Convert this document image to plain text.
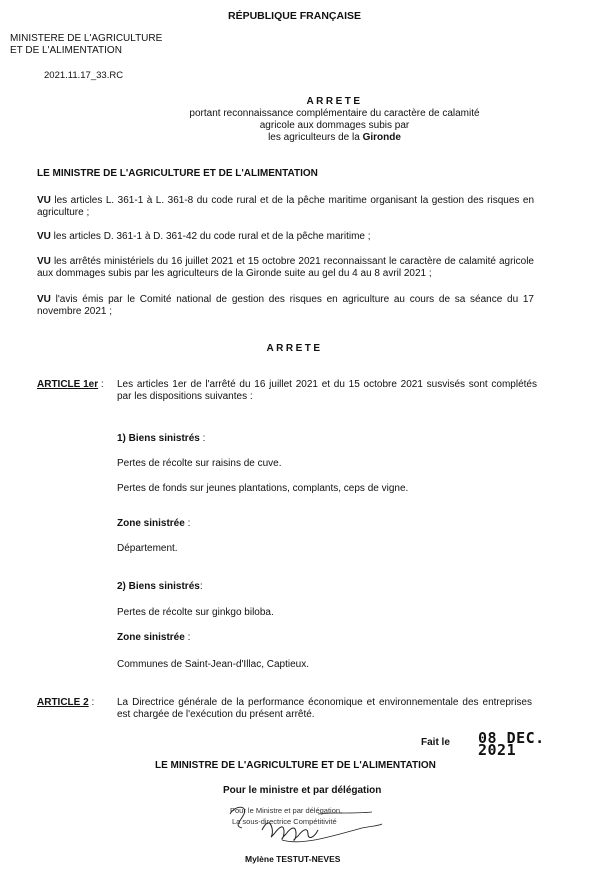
RÉPUBLIQUE FRANÇAISE
MINISTERE DE L'AGRICULTURE
ET DE L'ALIMENTATION
2021.11.17_33.RC
ARRETE
portant reconnaissance complémentaire du caractère de calamité
agricole aux dommages subis par
les agriculteurs de la Gironde
LE MINISTRE DE L'AGRICULTURE ET DE L'ALIMENTATION
VU les articles L. 361-1 à L. 361-8 du code rural et de la pêche maritime organisant la gestion des risques en agriculture ;
VU les articles D. 361-1 à D. 361-42 du code rural et de la pêche maritime ;
VU les arrêtés ministériels du 16 juillet 2021 et 15 octobre 2021 reconnaissant le caractère de calamité agricole aux dommages subis par les agriculteurs de la Gironde suite au gel du 4 au 8 avril 2021 ;
VU l'avis émis par le Comité national de gestion des risques en agriculture au cours de sa séance du 17 novembre 2021 ;
ARRETE
ARTICLE 1er : Les articles 1er de l'arrêté du 16 juillet 2021 et du 15 octobre 2021 susvisés sont complétés par les dispositions suivantes :
1) Biens sinistrés :
Pertes de récolte sur raisins de cuve.
Pertes de fonds sur jeunes plantations, complants, ceps de vigne.
Zone sinistrée :
Département.
2) Biens sinistrés:
Pertes de récolte sur ginkgo biloba.
Zone sinistrée :
Communes de Saint-Jean-d'Illac, Captieux.
ARTICLE 2 : La Directrice générale de la performance économique et environnementale des entreprises est chargée de l'exécution du présent arrêté.
Fait le 08 DEC. 2021
LE MINISTRE DE L'AGRICULTURE ET DE L'ALIMENTATION
Pour le ministre et par délégation
Pour le Ministre et par délégation,
La sous-directrice Compétitivité
Mylène TESTUT-NEVES
